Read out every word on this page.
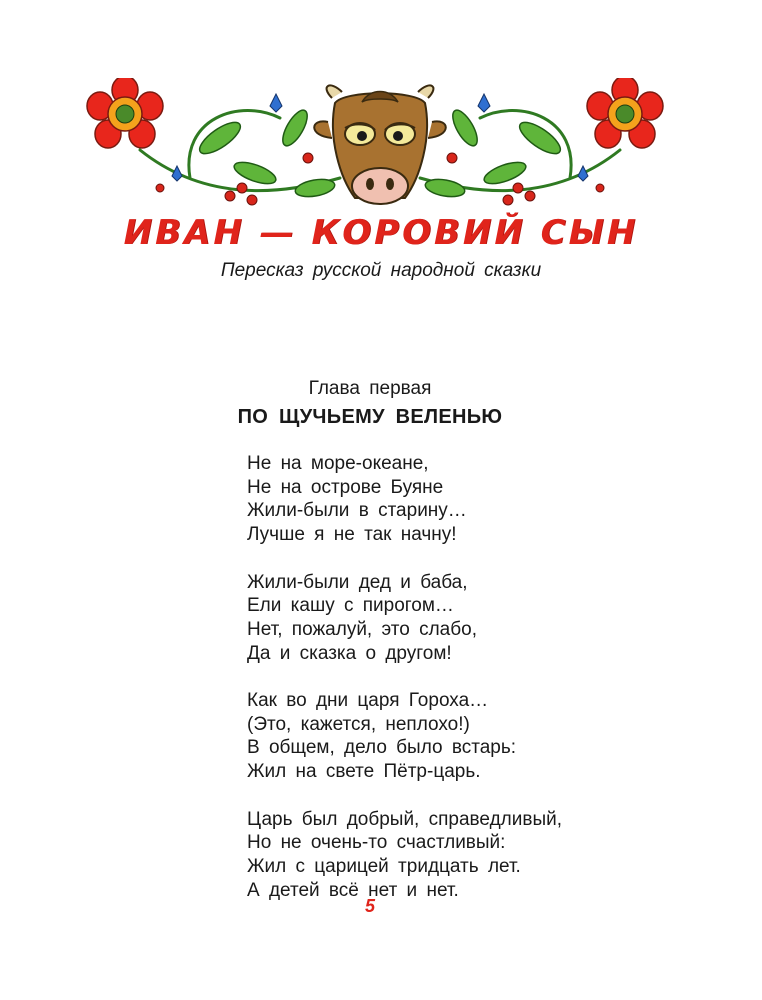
ИВАН — КОРОВИЙ СЫН
Пересказ русской народной сказки
Глава первая
ПО ЩУЧЬЕМУ ВЕЛЕНЬЮ
Не на море-океане,
Не на острове Буяне
Жили-были в старину…
Лучше я не так начну!
Жили-были дед и баба,
Ели кашу с пирогом…
Нет, пожалуй, это слабо,
Да и сказка о другом!
Как во дни царя Гороха…
(Это, кажется, неплохо!)
В общем, дело было встарь:
Жил на свете Пётр-царь.
Царь был добрый, справедливый,
Но не очень-то счастливый:
Жил с царицей тридцать лет.
А детей всё нет и нет.
5
